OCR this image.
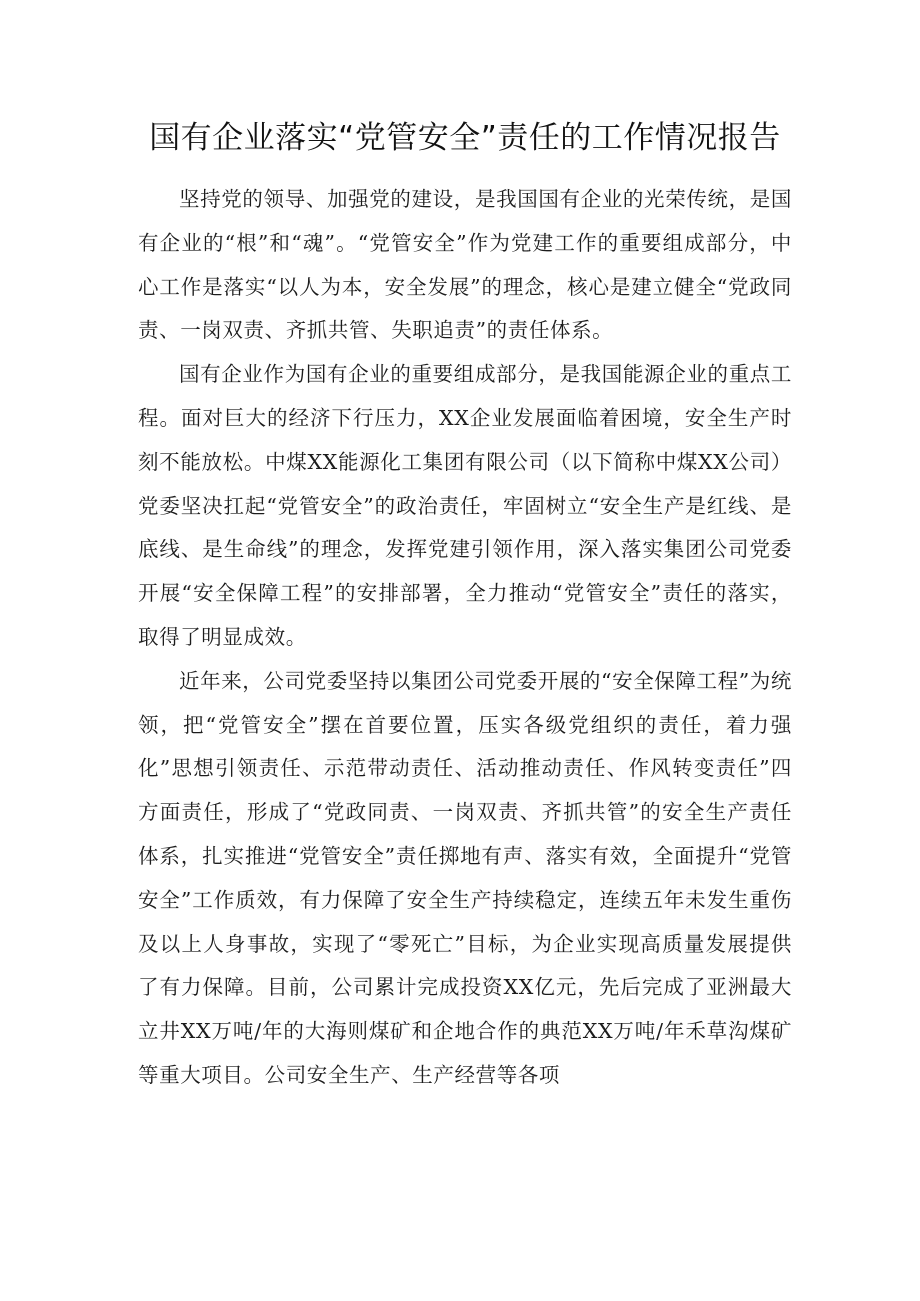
国有企业落实“党管安全”责任的工作情况报告

坚持党的领导、加强党的建设，是我国国有企业的光荣传统，是国有企业的“根”和“魂”。“党管安全”作为党建工作的重要组成部分，中心工作是落实“以人为本，安全发展”的理念，核心是建立健全“党政同责、一岗双责、齐抓共管、失职追责”的责任体系。

国有企业作为国有企业的重要组成部分，是我国能源企业的重点工程。面对巨大的经济下行压力，XX企业发展面临着困境，安全生产时刻不能放松。中煤XX能源化工集团有限公司（以下简称中煤XX公司）党委坚决扛起“党管安全”的政治责任，牢固树立“安全生产是红线、是底线、是生命线”的理念，发挥党建引领作用，深入落实集团公司党委开展“安全保障工程”的安排部署，全力推动“党管安全”责任的落实，取得了明显成效。

近年来，公司党委坚持以集团公司党委开展的“安全保障工程”为统领，把“党管安全”摆在首要位置，压实各级党组织的责任，着力强化”思想引领责任、示范带动责任、活动推动责任、作风转变责任”四方面责任，形成了“党政同责、一岗双责、齐抓共管”的安全生产责任体系，扎实推进“党管安全”责任掷地有声、落实有效，全面提升“党管安全”工作质效，有力保障了安全生产持续稳定，连续五年未发生重伤及以上人身事故，实现了“零死亡”目标，为企业实现高质量发展提供了有力保障。目前，公司累计完成投资XX亿元，先后完成了亚洲最大立井XX万吨/年的大海则煤矿和企地合作的典范XX万吨/年禾草沟煤矿等重大项目。公司安全生产、生产经营等各项
